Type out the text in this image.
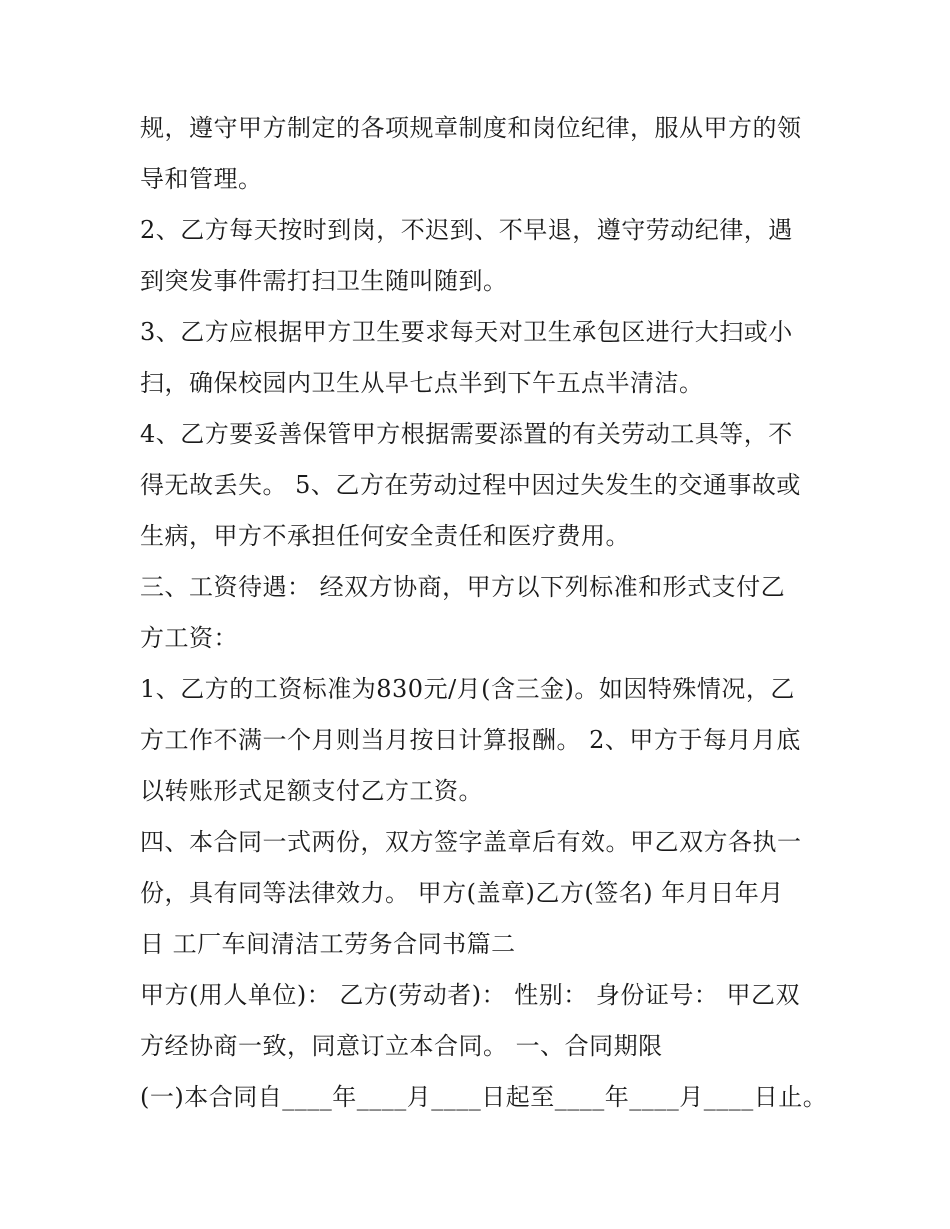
规，遵守甲方制定的各项规章制度和岗位纪律，服从甲方的领
导和管理。
2、乙方每天按时到岗，不迟到、不早退，遵守劳动纪律，遇
到突发事件需打扫卫生随叫随到。
3、乙方应根据甲方卫生要求每天对卫生承包区进行大扫或小
扫，确保校园内卫生从早七点半到下午五点半清洁。
4、乙方要妥善保管甲方根据需要添置的有关劳动工具等，不
得无故丢失。 5、乙方在劳动过程中因过失发生的交通事故或
生病，甲方不承担任何安全责任和医疗费用。
三、工资待遇： 经双方协商，甲方以下列标准和形式支付乙
方工资：
1、乙方的工资标准为830元/月(含三金)。如因特殊情况，乙
方工作不满一个月则当月按日计算报酬。 2、甲方于每月月底
以转账形式足额支付乙方工资。
四、本合同一式两份，双方签字盖章后有效。甲乙双方各执一
份，具有同等法律效力。 甲方(盖章)乙方(签名) 年月日年月
日 工厂车间清洁工劳务合同书篇二
甲方(用人单位)： 乙方(劳动者)： 性别： 身份证号： 甲乙双
方经协商一致，同意订立本合同。 一、合同期限
(一)本合同自____年____月____日起至____年____月____日止。
